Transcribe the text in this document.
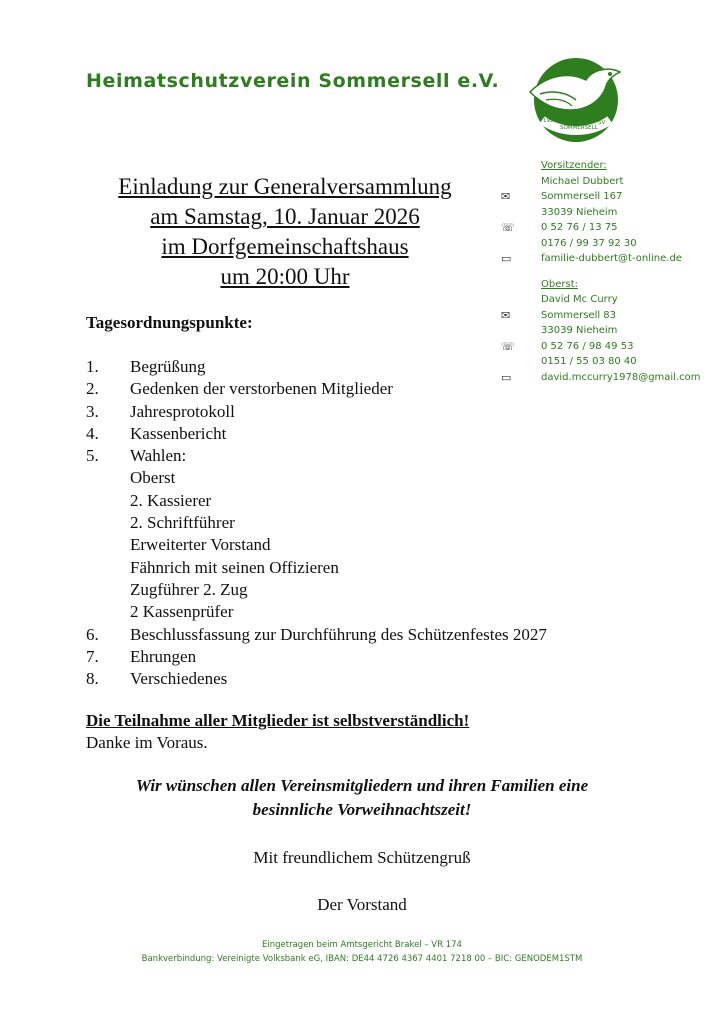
Heimatschutzverein Sommersell e.V.
1920
SOMMERSELL
SV
Einladung zur Generalversammlung
am Samstag, 10. Januar 2026
im Dorfgemeinschaftshaus
um 20:00 Uhr
Vorsitzender:
Michael Dubbert
✉	Sommersell 167
33039 Nieheim
☏	0 52 76 / 13 75
0176 / 99 37 92 30
▭	familie-dubbert@t-online.de
Oberst:
David Mc Curry
✉	Sommersell 83
33039 Nieheim
☏	0 52 76 / 98 49 53
0151 / 55 03 80 40
▭	david.mccurry1978@gmail.com
Tagesordnungspunkte:
1. Begrüßung
2. Gedenken der verstorbenen Mitglieder
3. Jahresprotokoll
4. Kassenbericht
5. Wahlen:
Oberst
2. Kassierer
2. Schriftführer
Erweiterter Vorstand
Fähnrich mit seinen Offizieren
Zugführer 2. Zug
2 Kassenprüfer
6. Beschlussfassung zur Durchführung des Schützenfestes 2027
7. Ehrungen
8. Verschiedenes
Die Teilnahme aller Mitglieder ist selbstverständlich!
Danke im Voraus.
Wir wünschen allen Vereinsmitgliedern und ihren Familien eine
besinnliche Vorweihnachtszeit!
Mit freundlichem Schützengruß
Der Vorstand
Eingetragen beim Amtsgericht Brakel – VR 174
Bankverbindung: Vereinigte Volksbank eG, IBAN: DE44 4726 4367 4401 7218 00 – BIC: GENODEM1STM
